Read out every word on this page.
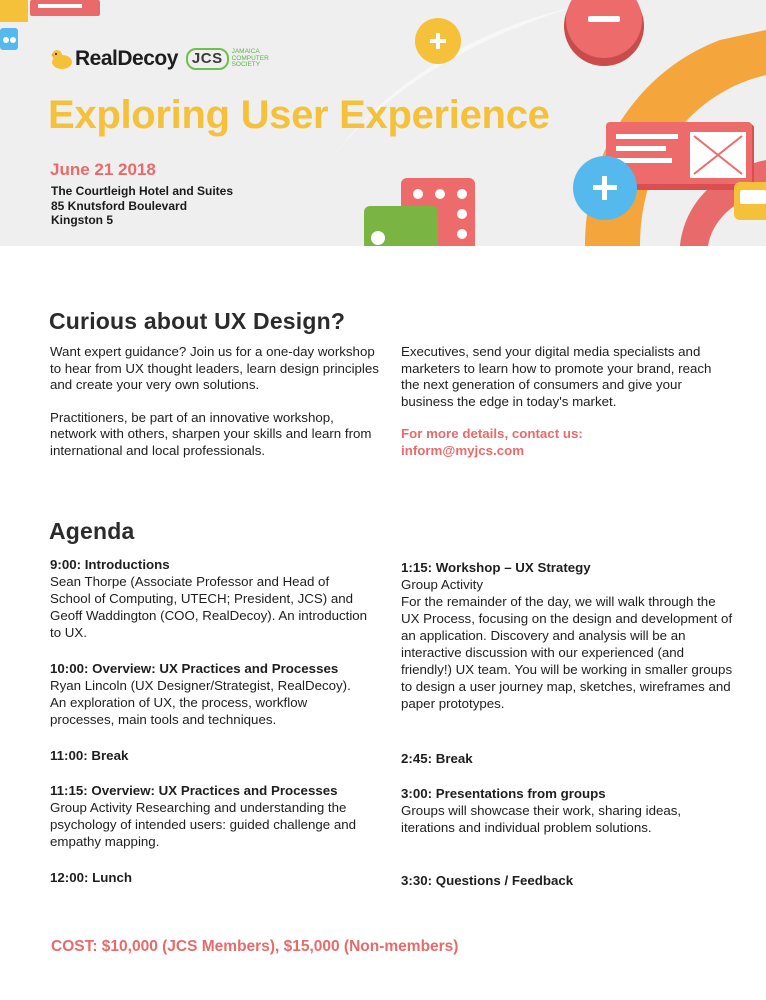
RealDecoy JCS	JAMAICA
COMPUTER
SOCIETY
Exploring User Experience
June 21 2018
The Courtleigh Hotel and Suites
85 Knutsford Boulevard
Kingston 5
Curious about UX Design?

Want expert guidance? Join us for a one-day workshop to hear from UX thought leaders, learn design principles and create your very own solutions.

Practitioners, be part of an innovative workshop, network with others, sharpen your skills and learn from international and local professionals.

Executives, send your digital media specialists and marketers to learn how to promote your brand, reach the next generation of consumers and give your business the edge in today's market.

For more details, contact us:

inform@myjcs.com

Agenda
9:00: Introductions
Sean Thorpe (Associate Professor and Head of School of Computing, UTECH; President, JCS) and Geoff Waddington (COO, RealDecoy). An introduction to UX.
10:00: Overview: UX Practices and Processes
Ryan Lincoln (UX Designer/Strategist, RealDecoy). An exploration of UX, the process, workflow processes, main tools and techniques.
11:00: Break
11:15: Overview: UX Practices and Processes
Group Activity Researching and understanding the psychology of intended users: guided challenge and empathy mapping.
12:00: Lunch
1:15: Workshop – UX Strategy
Group Activity
For the remainder of the day, we will walk through the UX Process, focusing on the design and development of an application. Discovery and analysis will be an interactive discussion with our experienced (and friendly!) UX team. You will be working in smaller groups to design a user journey map, sketches, wireframes and paper prototypes.
2:45: Break
3:00: Presentations from groups
Groups will showcase their work, sharing ideas, iterations and individual problem solutions.
3:30: Questions / Feedback
COST: $10,000 (JCS Members), $15,000 (Non-members)
